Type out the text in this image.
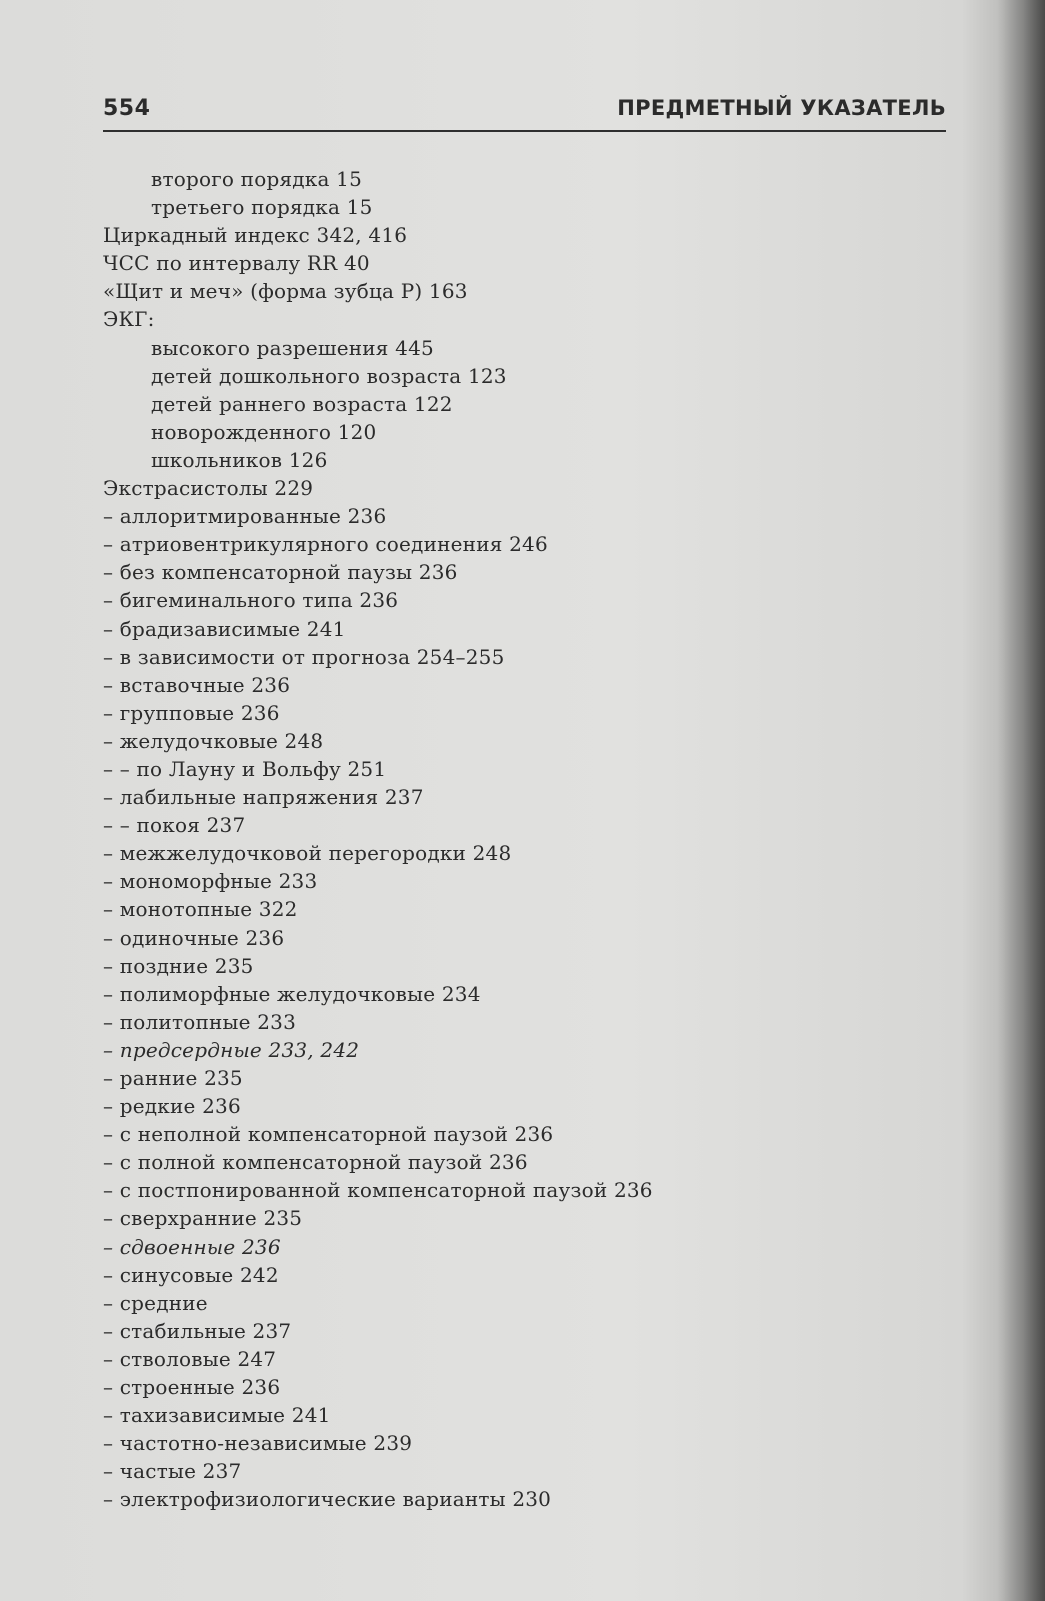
554	ПРЕДМЕТНЫЙ УКАЗАТЕЛЬ
второго порядка 15
третьего порядка 15
Циркадный индекс 342, 416
ЧСС по интервалу RR 40
«Щит и меч» (форма зубца P) 163
ЭКГ:
высокого разрешения 445
детей дошкольного возраста 123
детей раннего возраста 122
новорожденного 120
школьников 126
Экстрасистолы 229
– аллоритмированные 236
– атриовентрикулярного соединения 246
– без компенсаторной паузы 236
– бигеминального типа 236
– брадизависимые 241
– в зависимости от прогноза 254–255
– вставочные 236
– групповые 236
– желудочковые 248
– – по Лауну и Вольфу 251
– лабильные напряжения 237
– – покоя 237
– межжелудочковой перегородки 248
– мономорфные 233
– монотопные 322
– одиночные 236
– поздние 235
– полиморфные желудочковые 234
– политопные 233
– предсердные 233, 242
– ранние 235
– редкие 236
– с неполной компенсаторной паузой 236
– с полной компенсаторной паузой 236
– с постпонированной компенсаторной паузой 236
– сверхранние 235
– сдвоенные 236
– синусовые 242
– средние
– стабильные 237
– стволовые 247
– строенные 236
– тахизависимые 241
– частотно-независимые 239
– частые 237
– электрофизиологические варианты 230
